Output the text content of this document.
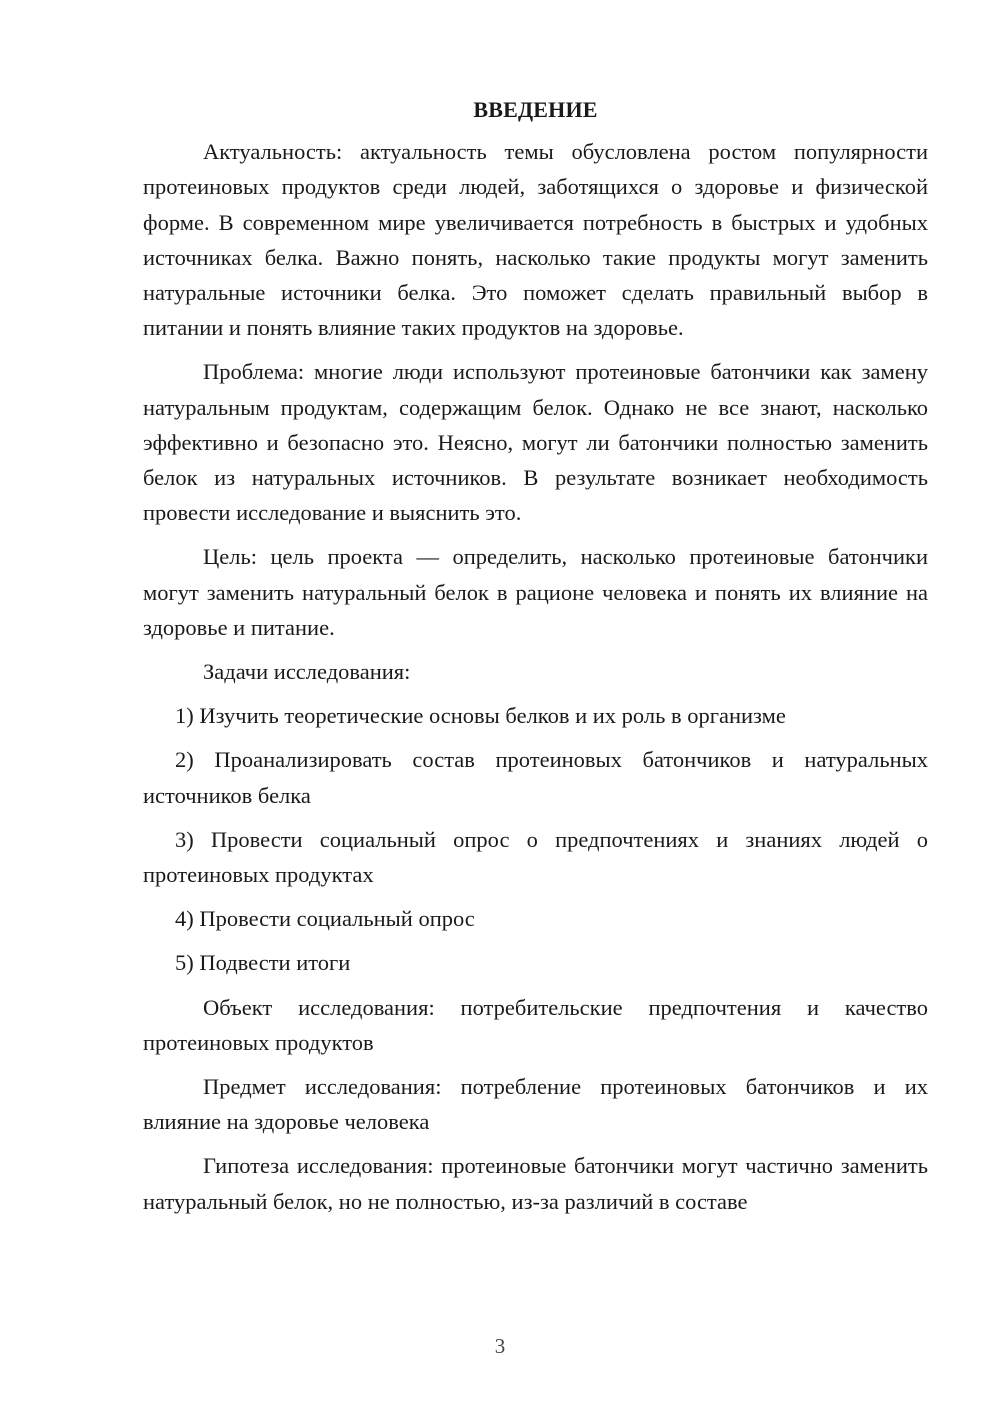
ВВЕДЕНИЕ

Актуальность: актуальность темы обусловлена ростом популярности протеиновых продуктов среди людей, заботящихся о здоровье и физической форме. В современном мире увеличивается потребность в быстрых и удобных источниках белка. Важно понять, насколько такие продукты могут заменить натуральные источники белка. Это поможет сделать правильный выбор в питании и понять влияние таких продуктов на здоровье.

Проблема: многие люди используют протеиновые батончики как замену натуральным продуктам, содержащим белок. Однако не все знают, насколько эффективно и безопасно это. Неясно, могут ли батончики полностью заменить белок из натуральных источников. В результате возникает необходимость провести исследование и выяснить это.

Цель: цель проекта — определить, насколько протеиновые батончики могут заменить натуральный белок в рационе человека и понять их влияние на здоровье и питание.

Задачи исследования:

1) Изучить теоретические основы белков и их роль в организме

2) Проанализировать состав протеиновых батончиков и натуральных источников белка

3) Провести социальный опрос о предпочтениях и знаниях людей о протеиновых продуктах

4) Провести социальный опрос

5) Подвести итоги

Объект исследования: потребительские предпочтения и качество протеиновых продуктов

Предмет исследования: потребление протеиновых батончиков и их влияние на здоровье человека

Гипотеза исследования: протеиновые батончики могут частично заменить натуральный белок, но не полностью, из-за различий в составе

3
